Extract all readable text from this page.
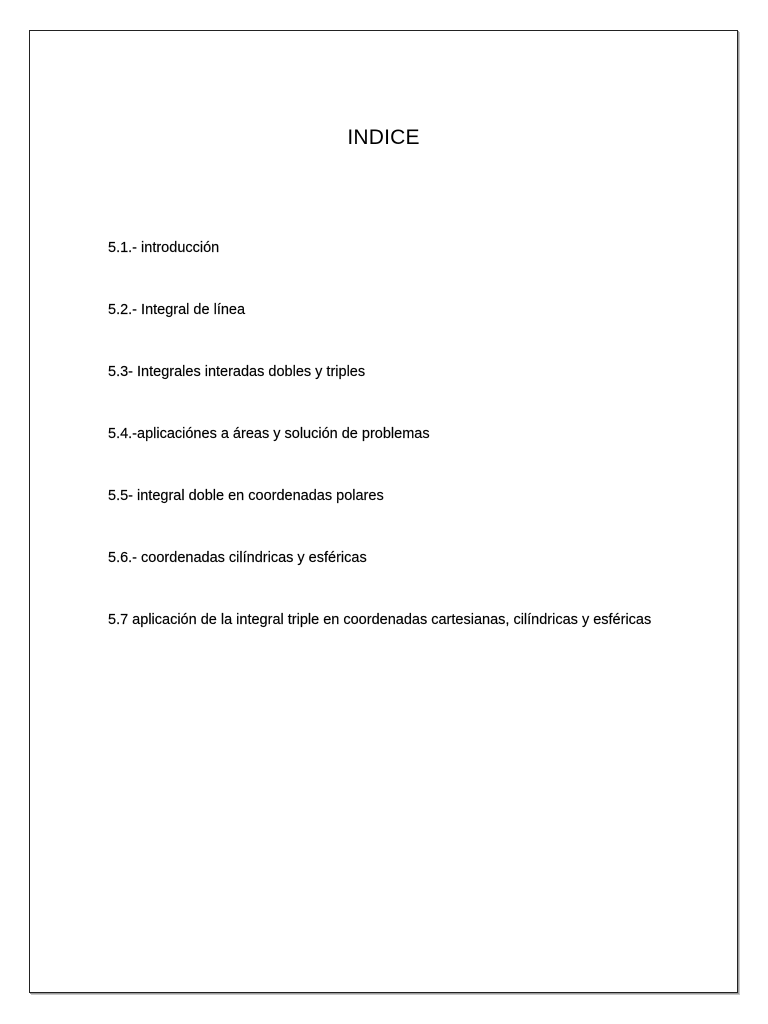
INDICE
5.1.- introducción
5.2.- Integral de línea
5.3- Integrales interadas dobles y triples
5.4.-aplicaciónes a áreas y solución de problemas
5.5- integral doble en coordenadas polares
5.6.- coordenadas cilíndricas y esféricas
5.7 aplicación de la integral triple en coordenadas cartesianas, cilíndricas y esféricas
